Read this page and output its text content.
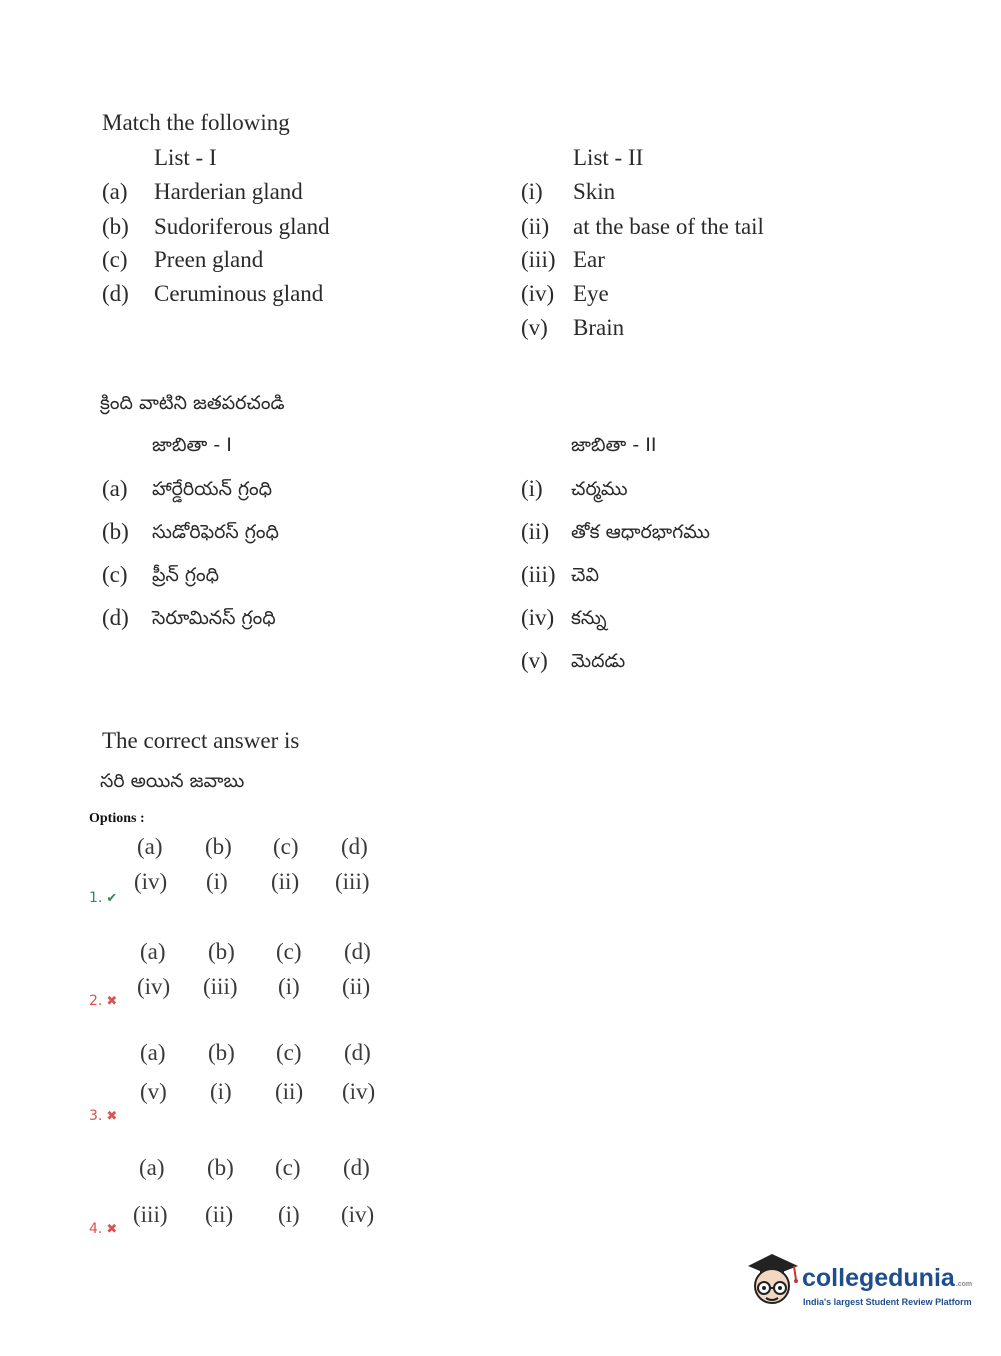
Match the following
List - I	List - II
(a) Harderian gland
(b) Sudoriferous gland
(c) Preen gland
(d) Ceruminous gland
(i) Skin
(ii) at the base of the tail
(iii) Ear
(iv) Eye
(v) Brain
క్రింది వాటిని జతపరచండి
జాబితా - I	జాబితా - II
(a) హార్డేరియన్ గ్రంధి
(b) సుడోరిఫెరస్ గ్రంధి
(c) ప్రీన్ గ్రంధి
(d) సెరూమినస్ గ్రంధి
(i) చర్మము
(ii) తోక ఆధారభాగము
(iii) చెవి
(iv) కన్ను
(v) మెదడు
The correct answer is
సరి అయిన జవాబు
Options :
(a) (b) (c) (d)
(iv) (i) (ii) (iii)
1. ✔
(a) (b) (c) (d)
(iv) (iii) (i) (ii)
2. ✖
(a) (b) (c) (d)
(v) (i) (ii) (iv)
3. ✖
(a) (b) (c) (d)
(iii) (ii) (i) (iv)
4. ✖
collegedunia.com
India's largest Student Review Platform
